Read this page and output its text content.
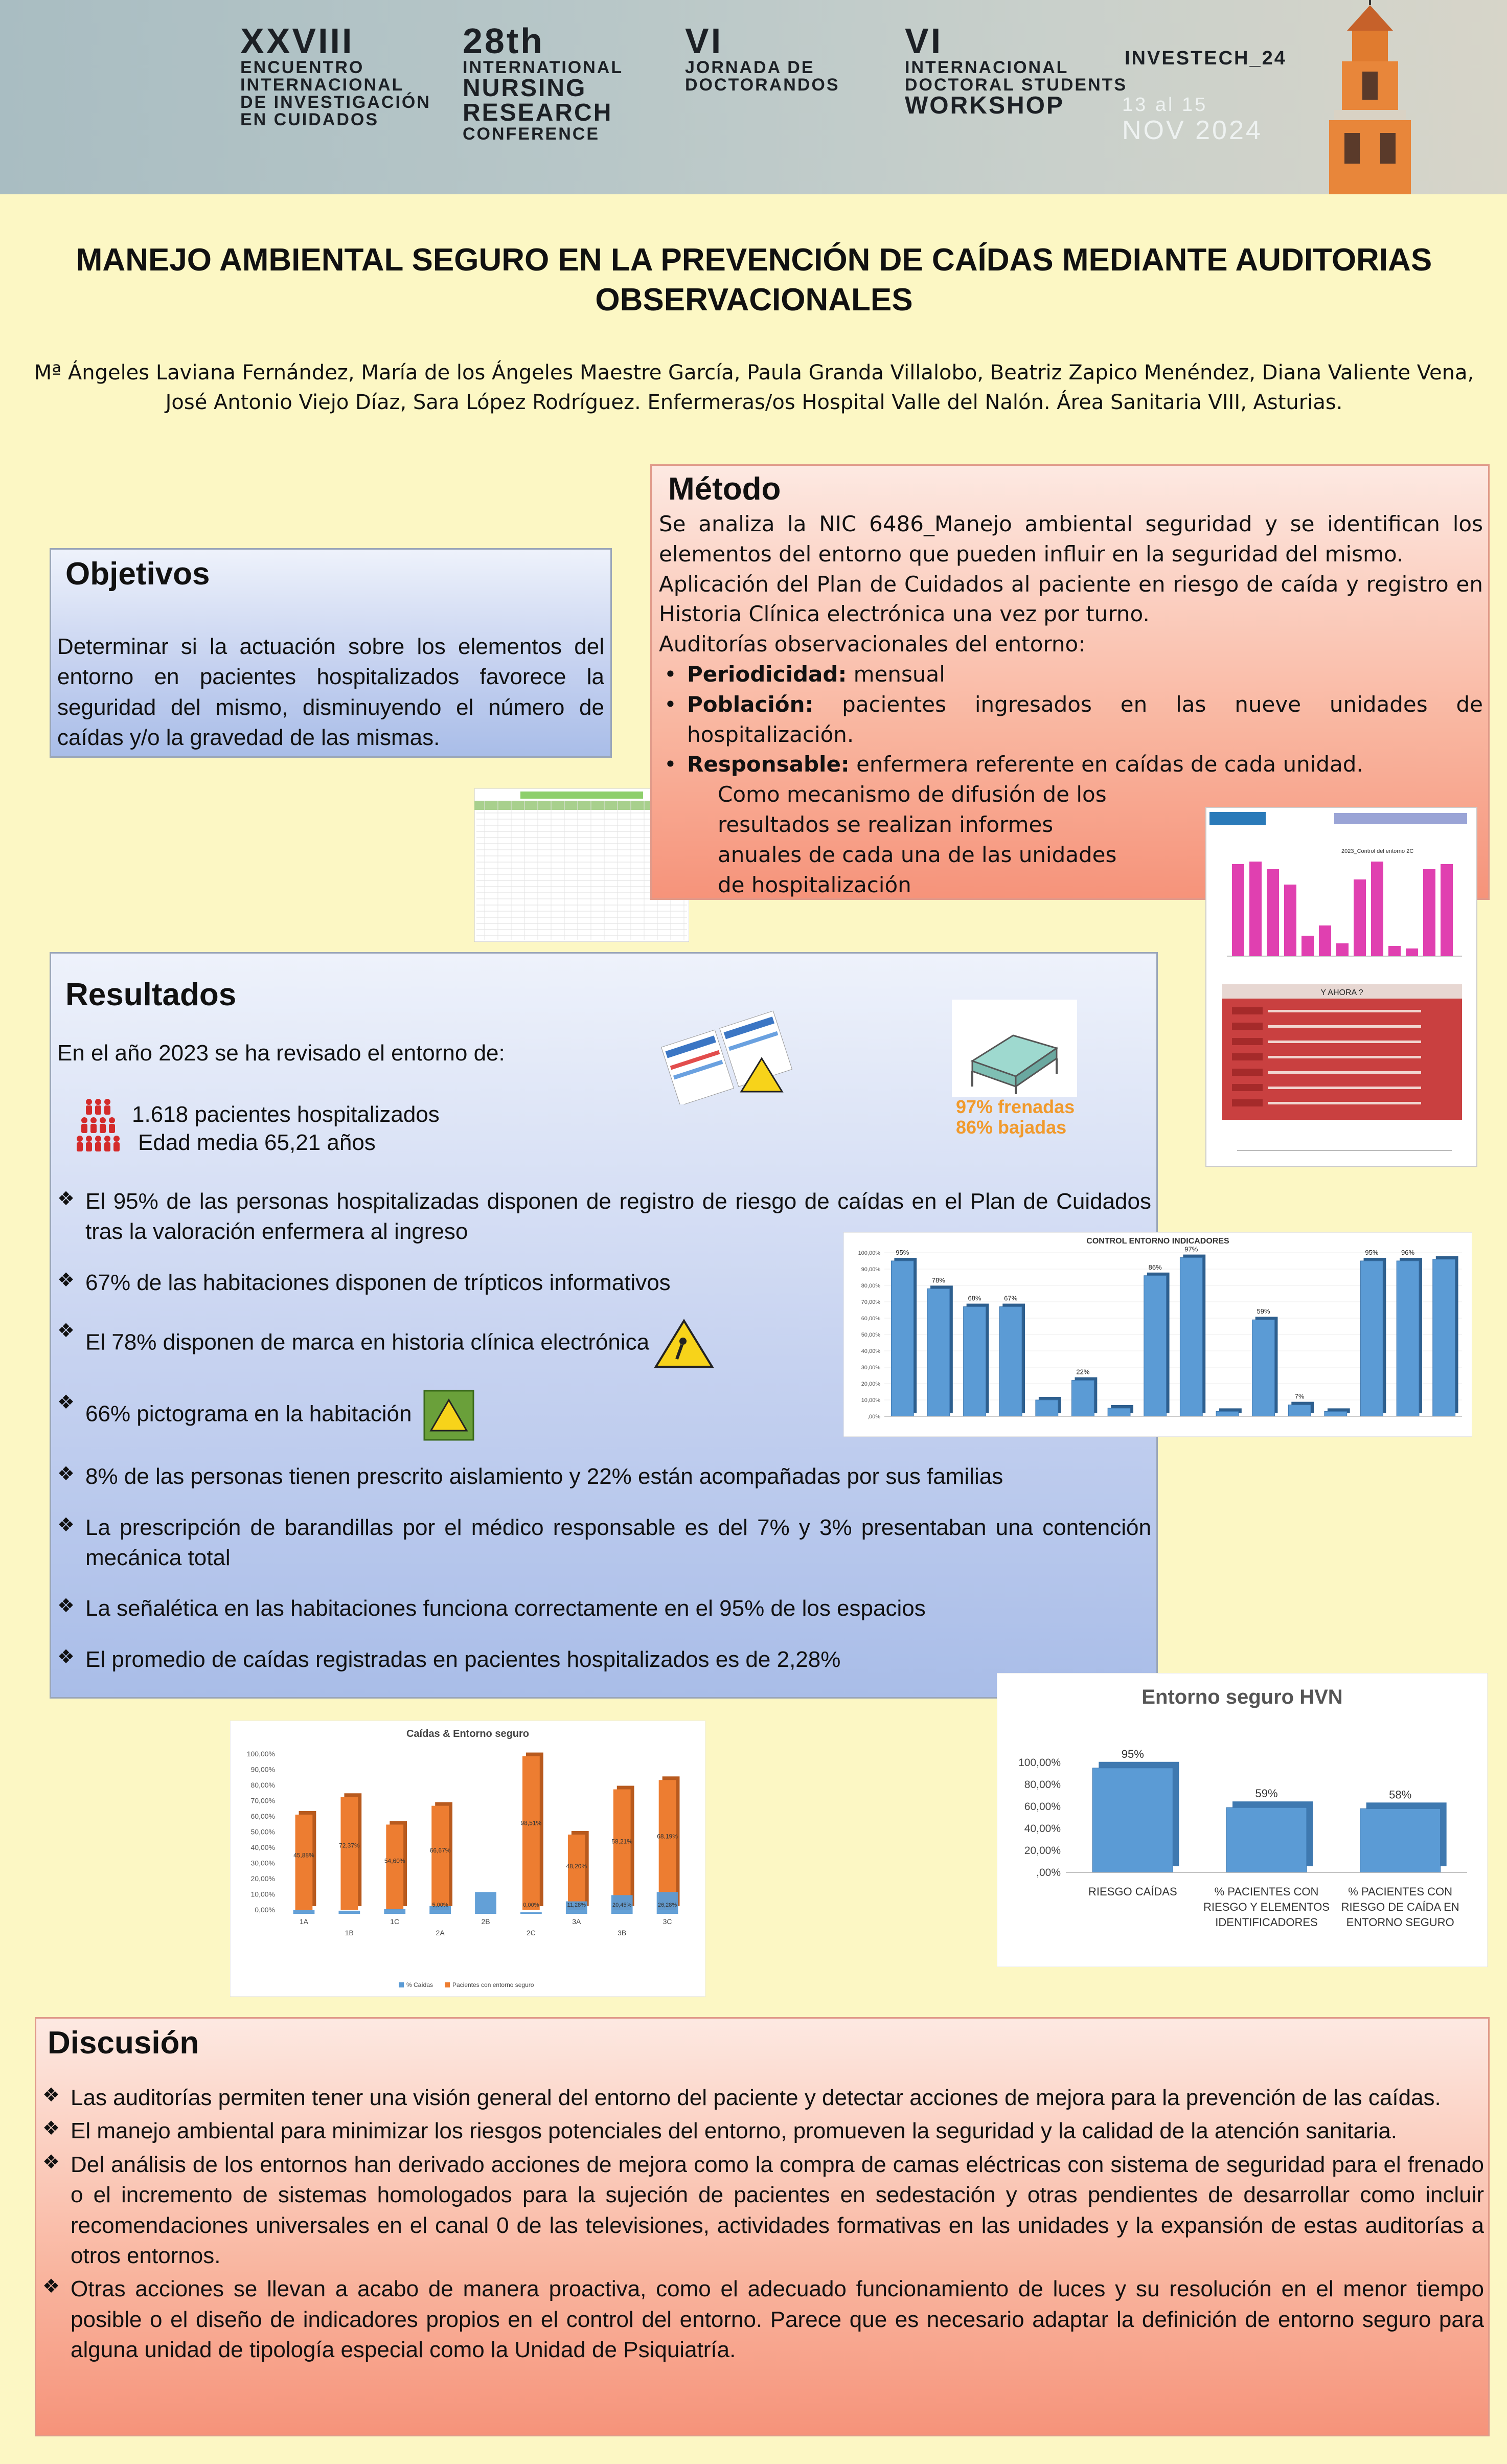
XXVIII
ENCUENTRO
INTERNACIONAL
DE INVESTIGACIÓN
EN CUIDADOS
28th
INTERNATIONAL
NURSING
RESEARCH
CONFERENCE
VI
JORNADA DE
DOCTORANDOS
VI
INTERNACIONAL
DOCTORAL STUDENTS
WORKSHOP
INVESTECH_24
13 al 15
NOV 2024
MANEJO AMBIENTAL SEGURO EN LA PREVENCIÓN DE CAÍDAS MEDIANTE AUDITORIAS OBSERVACIONALES
Mª Ángeles Laviana Fernández, María de los Ángeles Maestre García, Paula Granda Villalobo, Beatriz Zapico Menéndez, Diana Valiente Vena, José Antonio Viejo Díaz, Sara López Rodríguez. Enfermeras/os Hospital Valle del Nalón. Área Sanitaria VIII, Asturias.
Objetivos
Determinar si la actuación sobre los elementos del entorno en pacientes hospitalizados favorece la seguridad del mismo, disminuyendo el número de caídas y/o la gravedad de las mismas.
Método
Se analiza la NIC 6486_Manejo ambiental seguridad y se identifican los elementos del entorno que pueden influir en la seguridad del mismo.
Aplicación del Plan de Cuidados al paciente en riesgo de caída y registro en Historia Clínica electrónica una vez por turno.
Auditorías observacionales del entorno:
• Periodicidad: mensual
• Población: pacientes ingresados en las nueve unidades de hospitalización.
• Responsable: enfermera referente en caídas de cada unidad.
Como mecanismo de difusión de los
resultados se realizan informes
anuales de cada una de las unidades
de hospitalización
2023_Control del entorno 2C
Y AHORA ?
Resultados
En el año 2023 se ha revisado el entorno de:
1.618 pacientes hospitalizados
Edad media 65,21 años
97% frenadas
86% bajadas
❖ El 95% de las personas hospitalizadas disponen de registro de riesgo de caídas en el Plan de Cuidados tras la valoración enfermera al ingreso
❖ 67% de las habitaciones disponen de trípticos informativos
❖ El 78% disponen de marca en historia clínica electrónica
❖ 66% pictograma en la habitación
❖ 8% de las personas tienen prescrito aislamiento y 22% están acompañadas por sus familias
❖ La prescripción de barandillas por el médico responsable es del 7% y 3% presentaban una contención mecánica total
❖ La señalética en las habitaciones funciona correctamente en el 95% de los espacios
❖ El promedio de caídas registradas en pacientes hospitalizados es de 2,28%
CONTROL ENTORNO INDICADORES
100,00%
90,00%
80,00%
70,00%
60,00%
50,00%
40,00%
30,00%
20,00%
10,00%
,00%
95%
78%
68%	67%
22%
86%
97%
59%
7%
95%	96%
Caídas & Entorno seguro
100,00%
90,00%
80,00%
70,00%
60,00%
50,00%
40,00%
30,00%
20,00%
10,00%
0,00%
45,88%
1A
72,37%
1B
54,60%
1C
66,67%
5,00%
2A
2B
98,51%
0,00%
2C
48,20%
11,28%
3A
58,21%
20,45%
3B
68,19%
26,28%
3C
% Caídas	Pacientes con entorno seguro
Entorno seguro HVN
100,00%
80,00%
60,00%
40,00%
20,00%
,00%
95%
RIESGO CAÍDAS
59%
% PACIENTES CON
RIESGO Y ELEMENTOS
IDENTIFICADORES
58%
% PACIENTES CON
RIESGO DE CAÍDA EN
ENTORNO SEGURO
Discusión
❖ Las auditorías permiten tener una visión general del entorno del paciente y detectar acciones de mejora para la prevención de las caídas.
❖ El manejo ambiental para minimizar los riesgos potenciales del entorno, promueven la seguridad y la calidad de la atención sanitaria.
❖ Del análisis de los entornos han derivado acciones de mejora como la compra de camas eléctricas con sistema de seguridad para el frenado o el incremento de sistemas homologados para la sujeción de pacientes en sedestación y otras pendientes de desarrollar como incluir recomendaciones universales en el canal 0 de las televisiones, actividades formativas en las unidades y la expansión de estas auditorías a otros entornos.
❖ Otras acciones se llevan a acabo de manera proactiva, como el adecuado funcionamiento de luces y su resolución en el menor tiempo posible o el diseño de indicadores propios en el control del entorno. Parece que es necesario adaptar la definición de entorno seguro para alguna unidad de tipología especial como la Unidad de Psiquiatría.
